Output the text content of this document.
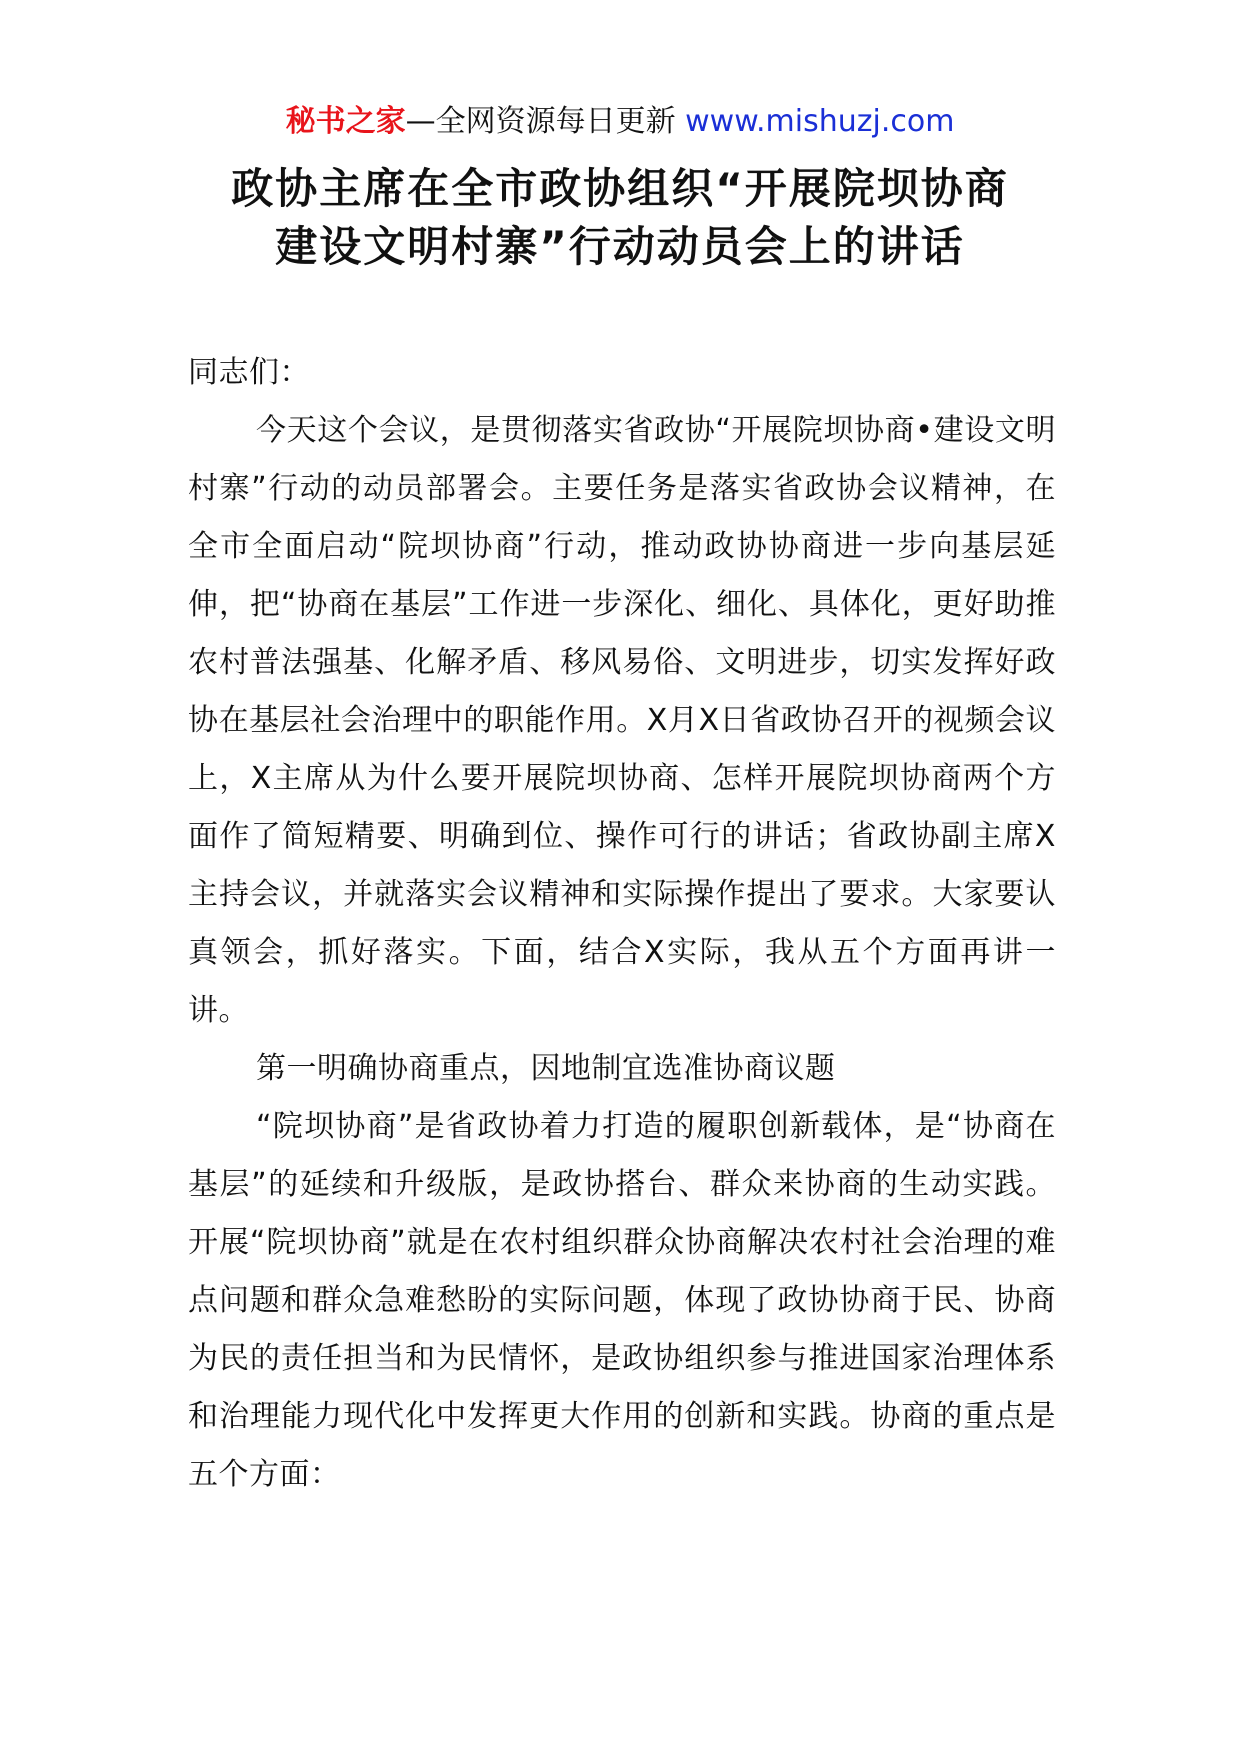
秘书之家—全网资源每日更新 www.mishuzj.com
政协主席在全市政协组织“开展院坝协商
建设文明村寨”行动动员会上的讲话

同志们：

今天这个会议，是贯彻落实省政协“开展院坝协商•建设文明村寨”行动的动员部署会。主要任务是落实省政协会议精神，在全市全面启动“院坝协商”行动，推动政协协商进一步向基层延伸，把“协商在基层”工作进一步深化、细化、具体化，更好助推农村普法强基、化解矛盾、移风易俗、文明进步，切实发挥好政协在基层社会治理中的职能作用。X月X日省政协召开的视频会议上，X主席从为什么要开展院坝协商、怎样开展院坝协商两个方面作了简短精要、明确到位、操作可行的讲话；省政协副主席X主持会议，并就落实会议精神和实际操作提出了要求。大家要认真领会，抓好落实。下面，结合X实际，我从五个方面再讲一讲。

第一明确协商重点，因地制宜选准协商议题

“院坝协商”是省政协着力打造的履职创新载体，是“协商在基层”的延续和升级版，是政协搭台、群众来协商的生动实践。开展“院坝协商”就是在农村组织群众协商解决农村社会治理的难点问题和群众急难愁盼的实际问题，体现了政协协商于民、协商为民的责任担当和为民情怀，是政协组织参与推进国家治理体系和治理能力现代化中发挥更大作用的创新和实践。协商的重点是五个方面：
